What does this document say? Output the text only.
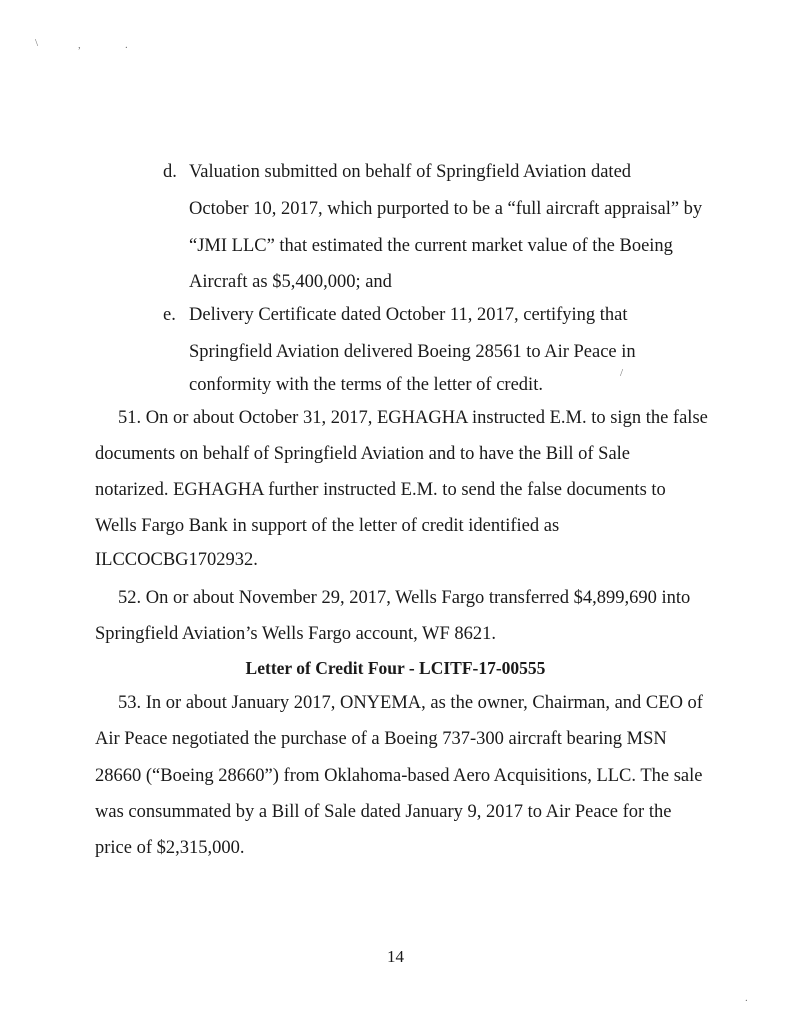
\	,	.
d. Valuation submitted on behalf of Springfield Aviation dated
October 10, 2017, which purported to be a “full aircraft appraisal” by
“JMI LLC” that estimated the current market value of the Boeing
Aircraft as $5,400,000; and
e. Delivery Certificate dated October 11, 2017, certifying that
Springfield Aviation delivered Boeing 28561 to Air Peace in
conformity with the terms of the letter of credit.
/
51. On or about October 31, 2017, EGHAGHA instructed E.M. to sign the false
documents on behalf of Springfield Aviation and to have the Bill of Sale
notarized. EGHAGHA further instructed E.M. to send the false documents to
Wells Fargo Bank in support of the letter of credit identified as
ILCCOCBG1702932.
52. On or about November 29, 2017, Wells Fargo transferred $4,899,690 into
Springfield Aviation’s Wells Fargo account, WF 8621.
Letter of Credit Four - LCITF-17-00555
53. In or about January 2017, ONYEMA, as the owner, Chairman, and CEO of
Air Peace negotiated the purchase of a Boeing 737-300 aircraft bearing MSN
28660 (“Boeing 28660”) from Oklahoma-based Aero Acquisitions, LLC. The sale
was consummated by a Bill of Sale dated January 9, 2017 to Air Peace for the
price of $2,315,000.
14
.
